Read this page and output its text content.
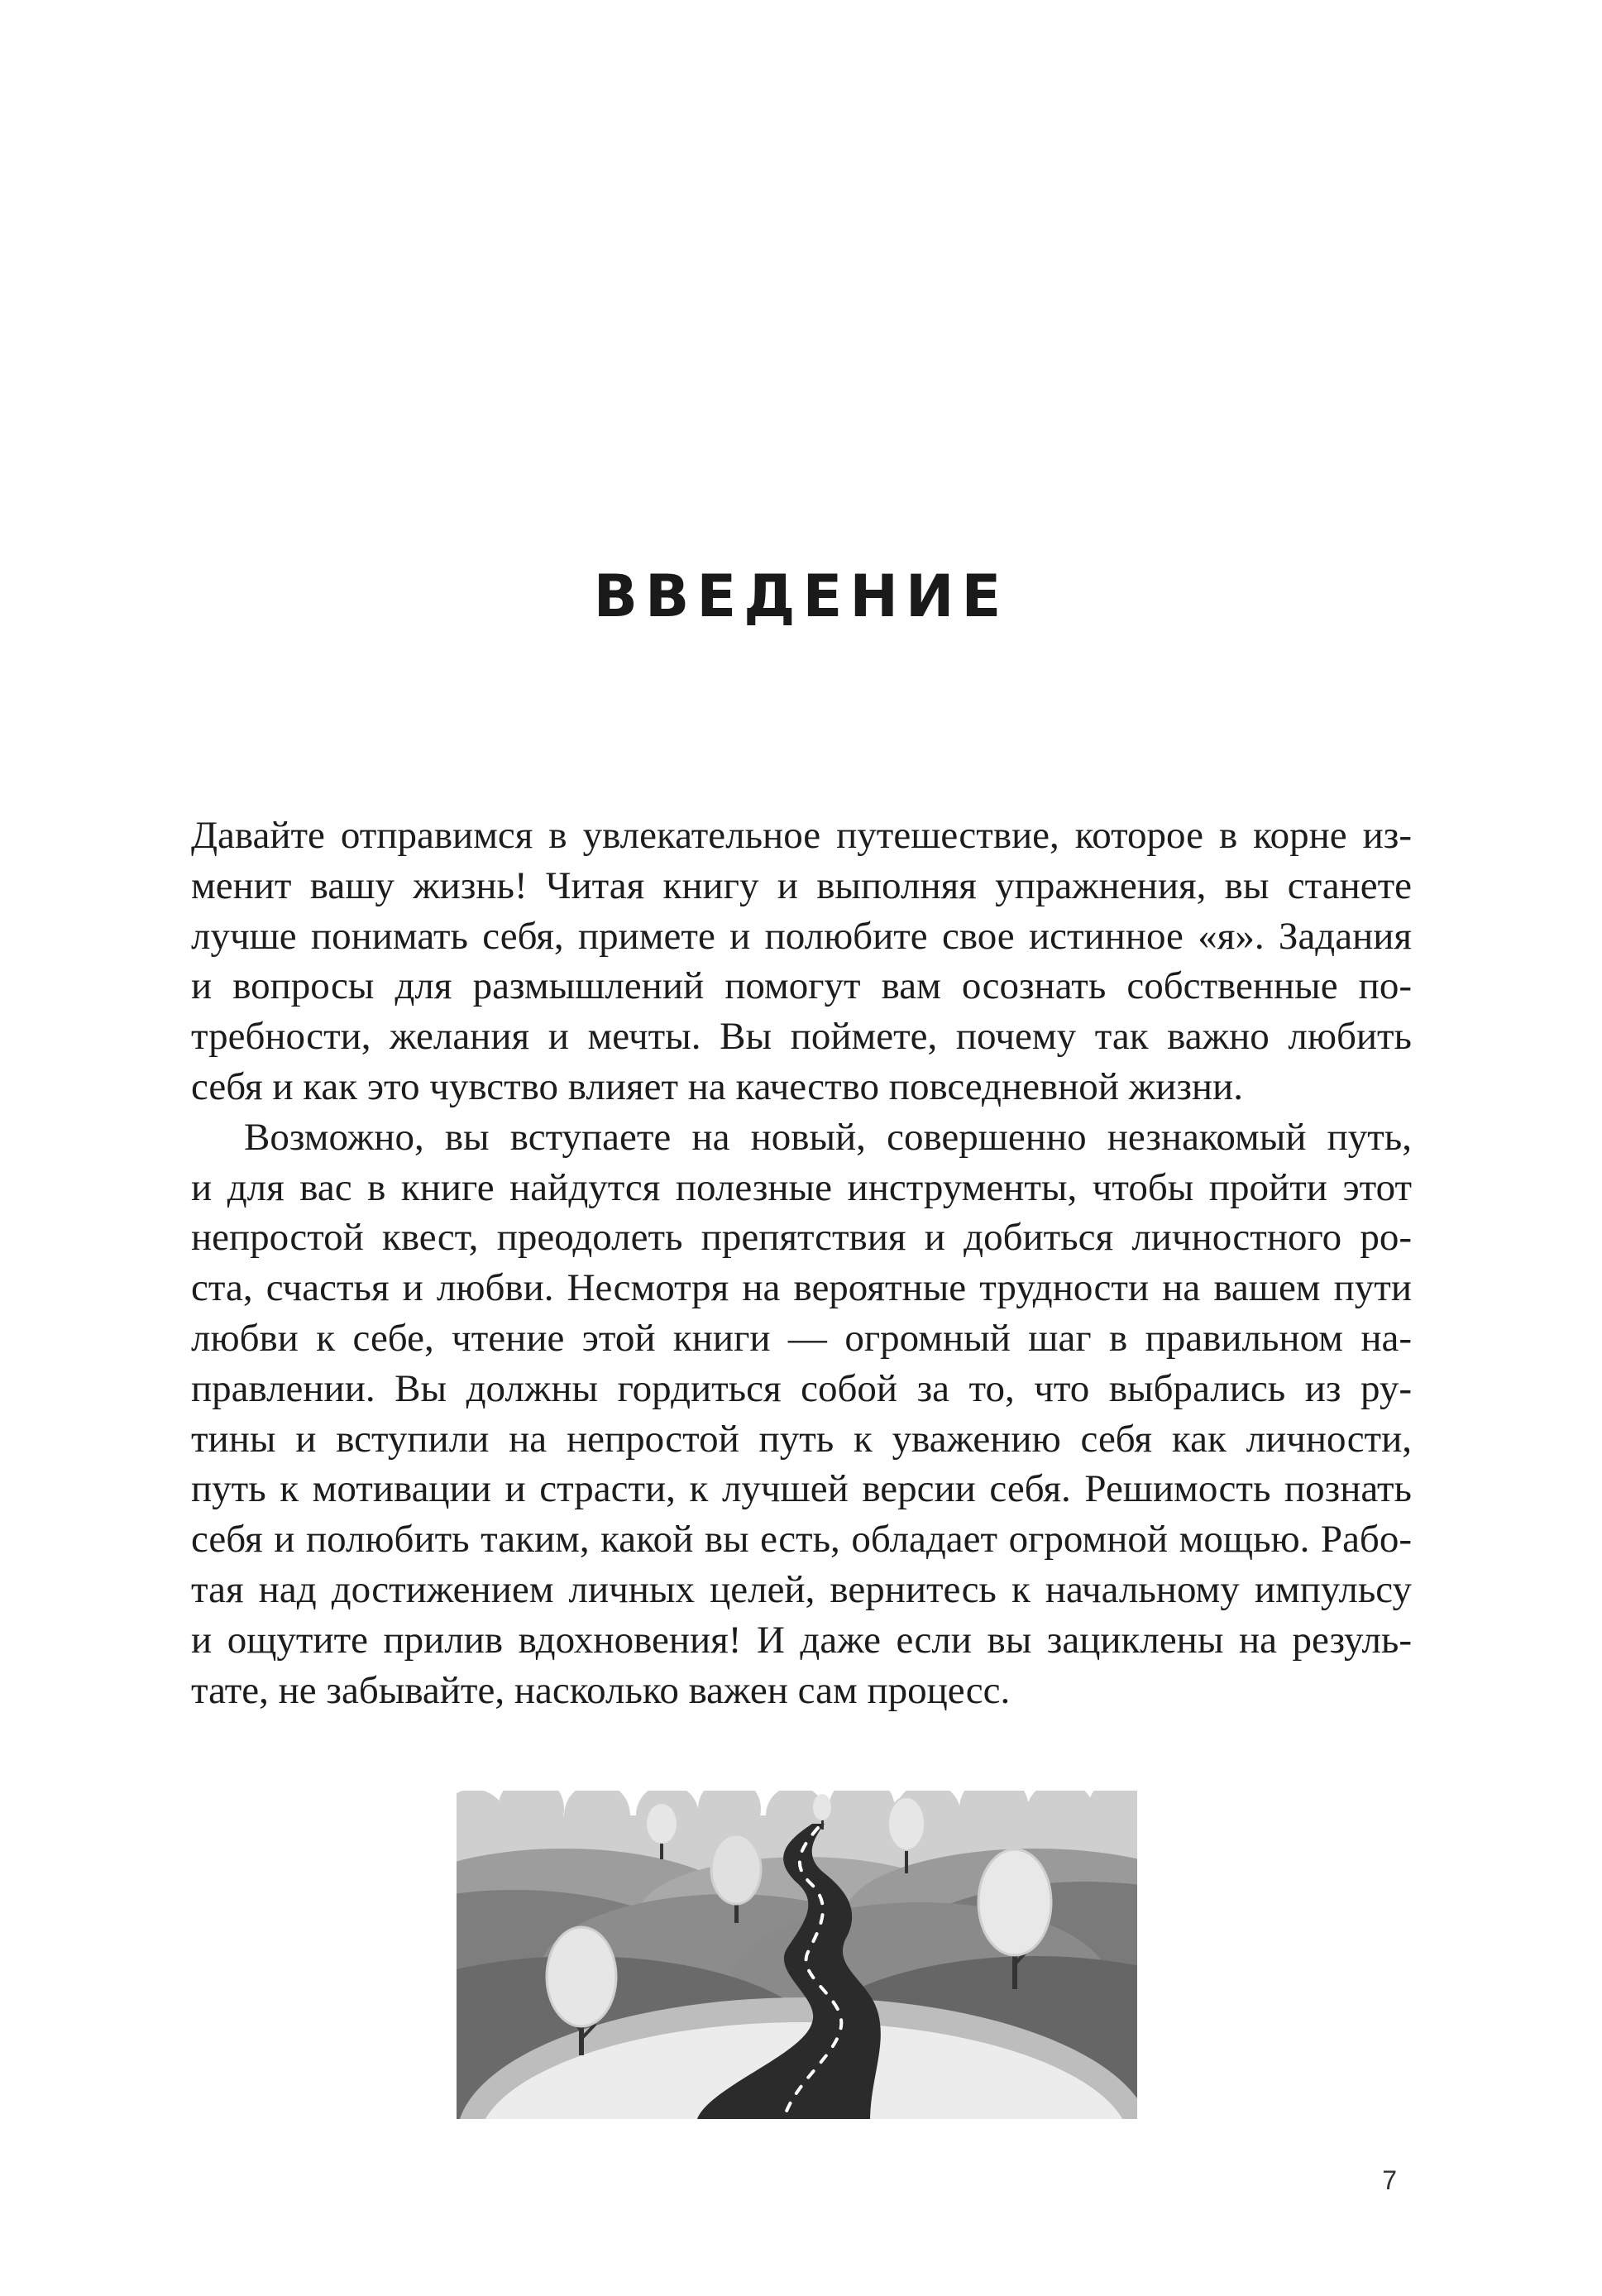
ВВЕДЕНИЕ
Давайте отправимся в увлекательное путешествие, которое в корне из-
менит вашу жизнь! Читая книгу и выполняя упражнения, вы станете
лучше понимать себя, примете и полюбите свое истинное «я». Задания
и вопросы для размышлений помогут вам осознать собственные по-
требности, желания и мечты. Вы поймете, почему так важно любить
себя и как это чувство влияет на качество повседневной жизни.
Возможно, вы вступаете на новый, совершенно незнакомый путь,
и для вас в книге найдутся полезные инструменты, чтобы пройти этот
непростой квест, преодолеть препятствия и добиться личностного ро-
ста, счастья и любви. Несмотря на вероятные трудности на вашем пути
любви к себе, чтение этой книги — огромный шаг в правильном на-
правлении. Вы должны гордиться собой за то, что выбрались из ру-
тины и вступили на непростой путь к уважению себя как личности,
путь к мотивации и страсти, к лучшей версии себя. Решимость познать
себя и полюбить таким, какой вы есть, обладает огромной мощью. Рабо-
тая над достижением личных целей, вернитесь к начальному импульсу
и ощутите прилив вдохновения! И даже если вы зациклены на резуль-
тате, не забывайте, насколько важен сам процесс.
7
